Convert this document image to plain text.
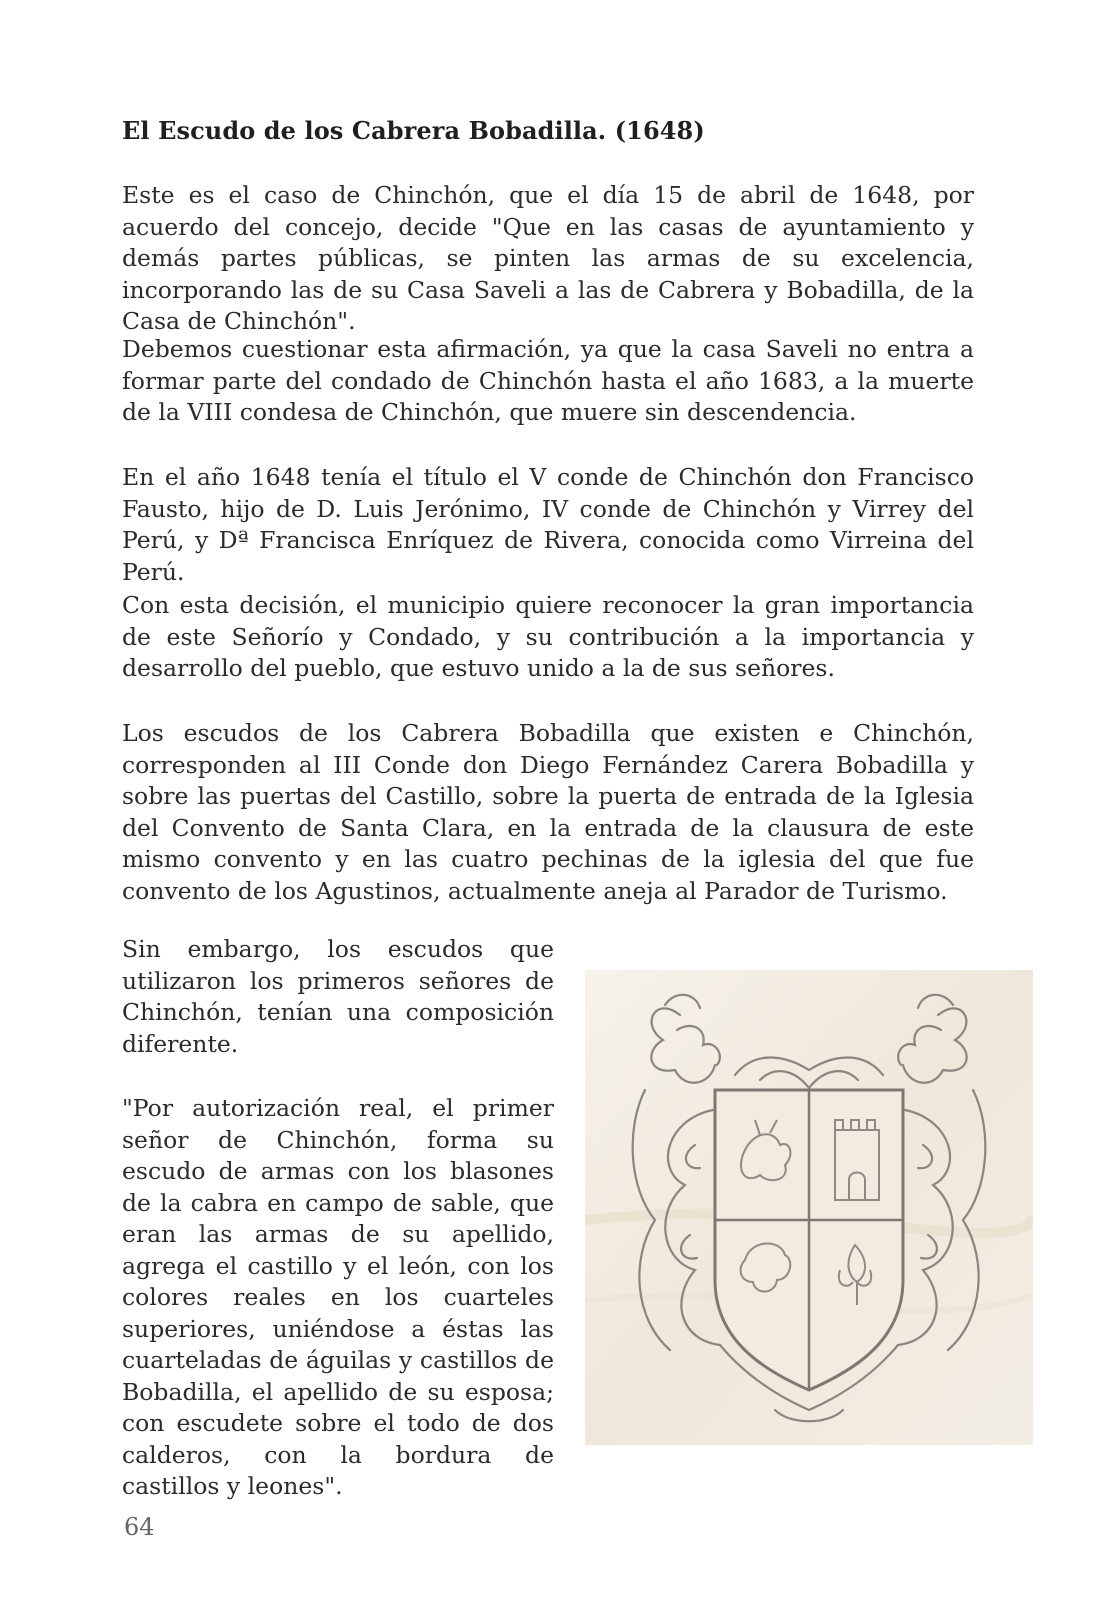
El Escudo de los Cabrera Bobadilla. (1648)

Este es el caso de Chinchón, que el día 15 de abril de 1648, por acuerdo del concejo, decide "Que en las casas de ayuntamiento y demás partes públicas, se pinten las armas de su excelencia, incorporando las de su Casa Saveli a las de Cabrera y Bobadilla, de la Casa de Chinchón".

Debemos cuestionar esta afirmación, ya que la casa Saveli no entra a formar parte del condado de Chinchón hasta el año 1683, a la muerte de la VIII condesa de Chinchón, que muere sin descendencia.

En el año 1648 tenía el título el V conde de Chinchón don Francisco Fausto, hijo de D. Luis Jerónimo, IV conde de Chinchón y Virrey del Perú, y Dª Francisca Enríquez de Rivera, conocida como Virreina del Perú.

Con esta decisión, el municipio quiere reconocer la gran importancia de este Señorío y Condado, y su contribución a la importancia y desarrollo del pueblo, que estuvo unido a la de sus señores.

Los escudos de los Cabrera Bobadilla que existen e Chinchón, corresponden al III Conde don Diego Fernández Carera Bobadilla y sobre las puertas del Castillo, sobre la puerta de entrada de la Iglesia del Convento de Santa Clara, en la entrada de la clausura de este mismo convento y en las cuatro pechinas de la iglesia del que fue convento de los Agustinos, actualmente aneja al Parador de Turismo.

Sin embargo, los escudos que utilizaron los primeros señores de Chinchón, tenían una composición diferente.

"Por autorización real, el primer señor de Chinchón, forma su escudo de armas con los blasones de la cabra en campo de sable, que eran las armas de su apellido, agrega el castillo y el león, con los colores reales en los cuarteles superiores, uniéndose a éstas las cuarteladas de águilas y castillos de Bobadilla, el apellido de su esposa; con escudete sobre el todo de dos calderos, con la bordura de castillos y leones".

64
